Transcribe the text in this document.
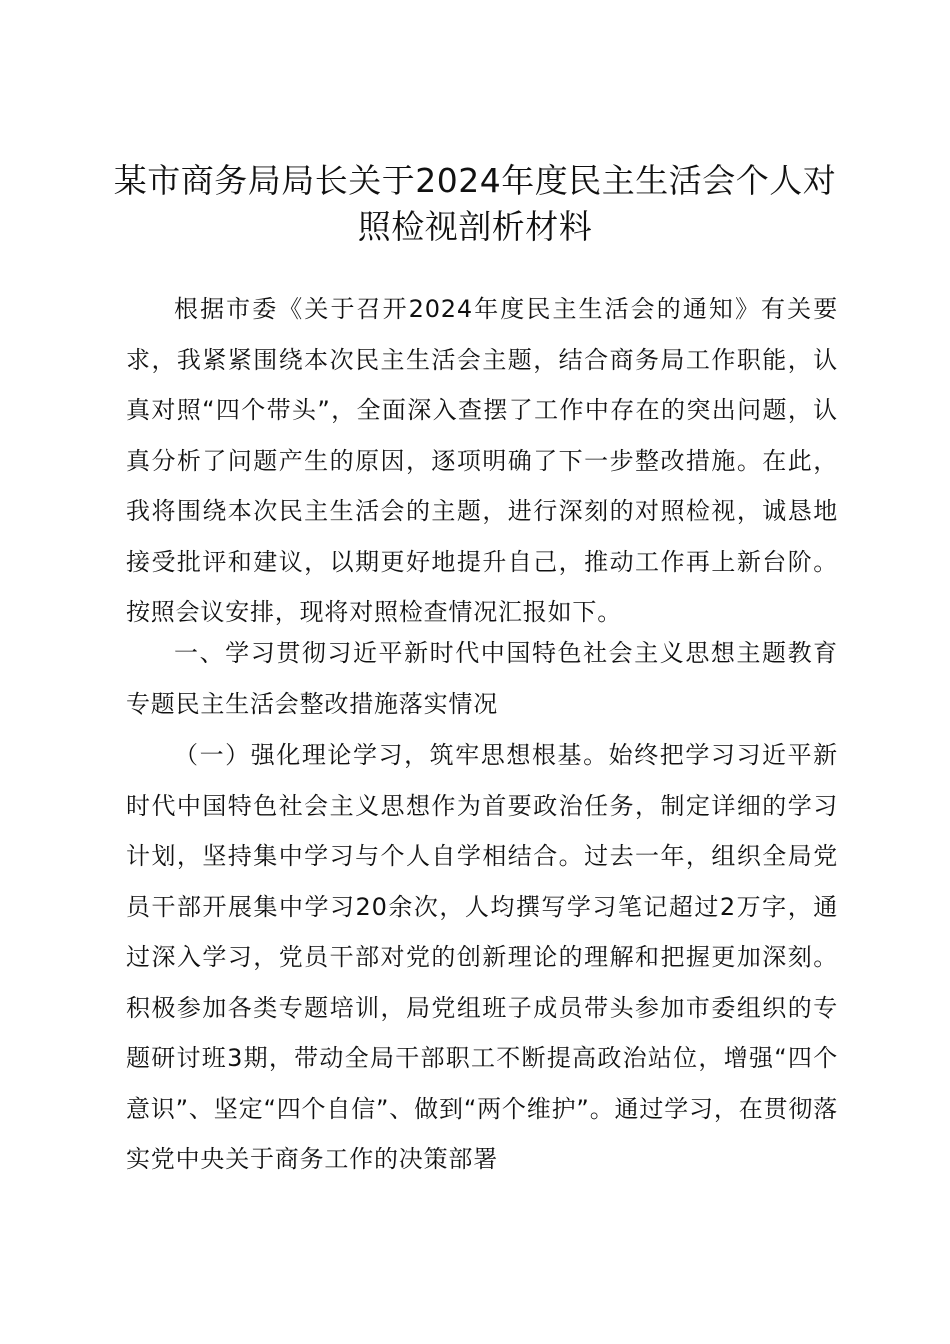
某市商务局局长关于2024年度民主生活会个人对照检视剖析材料

根据市委《关于召开2024年度民主生活会的通知》有关要求，我紧紧围绕本次民主生活会主题，结合商务局工作职能，认真对照“四个带头”，全面深入查摆了工作中存在的突出问题，认真分析了问题产生的原因，逐项明确了下一步整改措施。在此，我将围绕本次民主生活会的主题，进行深刻的对照检视，诚恳地接受批评和建议，以期更好地提升自己，推动工作再上新台阶。按照会议安排，现将对照检查情况汇报如下。

一、学习贯彻习近平新时代中国特色社会主义思想主题教育专题民主生活会整改措施落实情况

（一）强化理论学习，筑牢思想根基。始终把学习习近平新时代中国特色社会主义思想作为首要政治任务，制定详细的学习计划，坚持集中学习与个人自学相结合。过去一年，组织全局党员干部开展集中学习20余次，人均撰写学习笔记超过2万字，通过深入学习，党员干部对党的创新理论的理解和把握更加深刻。积极参加各类专题培训，局党组班子成员带头参加市委组织的专题研讨班3期，带动全局干部职工不断提高政治站位，增强“四个意识”、坚定“四个自信”、做到“两个维护”。通过学习，在贯彻落实党中央关于商务工作的决策部署
